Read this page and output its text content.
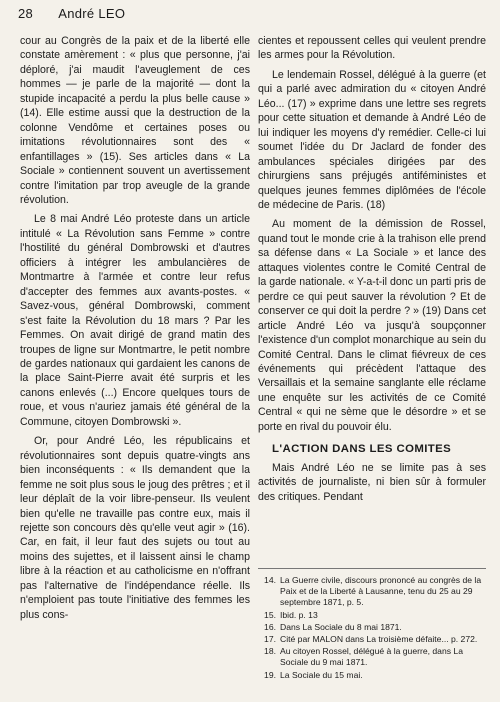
28 André LEO

cour au Congrès de la paix et de la liberté elle constate amèrement : « plus que personne, j'ai déploré, j'ai maudit l'aveuglement de ces hommes — je parle de la majorité — dont la stupide incapacité a perdu la plus belle cause » (14). Elle estime aussi que la destruction de la colonne Vendôme et certaines poses ou imitations révolutionnaires sont des « enfantillages » (15). Ses articles dans « La Sociale » contiennent souvent un avertissement contre l'imitation par trop aveugle de la grande révolution.

Le 8 mai André Léo proteste dans un article intitulé « La Révolution sans Femme » contre l'hostilité du général Dombrowski et d'autres officiers à intégrer les ambulancières de Montmartre à l'armée et contre leur refus d'accepter des femmes aux avants-postes. « Savez-vous, général Dombrowski, comment s'est faite la Révolution du 18 mars ? Par les Femmes. On avait dirigé de grand matin des troupes de ligne sur Montmartre, le petit nombre de gardes nationaux qui gardaient les canons de la place Saint-Pierre avait été surpris et les canons enlevés (...) Encore quelques tours de roue, et vous n'auriez jamais été général de la Commune, citoyen Dombrowski ».

Or, pour André Léo, les républicains et révolutionnaires sont depuis quatre-vingts ans bien inconséquents : « Ils demandent que la femme ne soit plus sous le joug des prêtres ; et il leur déplaît de la voir libre-penseur. Ils veulent bien qu'elle ne travaille pas contre eux, mais il rejette son concours dès qu'elle veut agir » (16). Car, en fait, il leur faut des sujets ou tout au moins des sujettes, et il laissent ainsi le champ libre à la réaction et au catholicisme en n'offrant pas l'alternative de l'indépendance réelle. Ils n'emploient pas toute l'initiative des femmes les plus cons-

cientes et repoussent celles qui veulent prendre les armes pour la Révolution.

Le lendemain Rossel, délégué à la guerre (et qui a parlé avec admiration du « citoyen André Léo... (17) » exprime dans une lettre ses regrets pour cette situation et demande à André Léo de lui indiquer les moyens d'y remédier. Celle-ci lui soumet l'idée du Dr Jaclard de fonder des ambulances spéciales dirigées par des chirurgiens sans préjugés antiféministes et quelques jeunes femmes diplômées de l'école de médecine de Paris. (18)

Au moment de la démission de Rossel, quand tout le monde crie à la trahison elle prend sa défense dans « La Sociale » et lance des attaques violentes contre le Comité Central de la garde nationale. « Y-a-t-il donc un parti pris de perdre ce qui peut sauver la révolution ? Et de conserver ce qui doit la perdre ? » (19) Dans cet article André Léo va jusqu'à soupçonner l'existence d'un complot monarchique au sein du Comité Central. Dans le climat fiévreux de ces événements qui précèdent l'attaque des Versaillais et la semaine sanglante elle réclame une enquête sur les activités de ce Comité Central « qui ne sème que le désordre » et se porte en rival du pouvoir élu.

L'ACTION DANS LES COMITES

Mais André Léo ne se limite pas à ses activités de journaliste, ni bien sûr à formuler des critiques. Pendant

14. La Guerre civile, discours prononcé au congrès de la Paix et de la Liberté à Lausanne, tenu du 25 au 29 septembre 1871, p. 5.
15. Ibid. p. 13
16. Dans La Sociale du 8 mai 1871.
17. Cité par MALON dans La troisième défaite... p. 272.
18. Au citoyen Rossel, délégué à la guerre, dans La Sociale du 9 mai 1871.
19. La Sociale du 15 mai.
